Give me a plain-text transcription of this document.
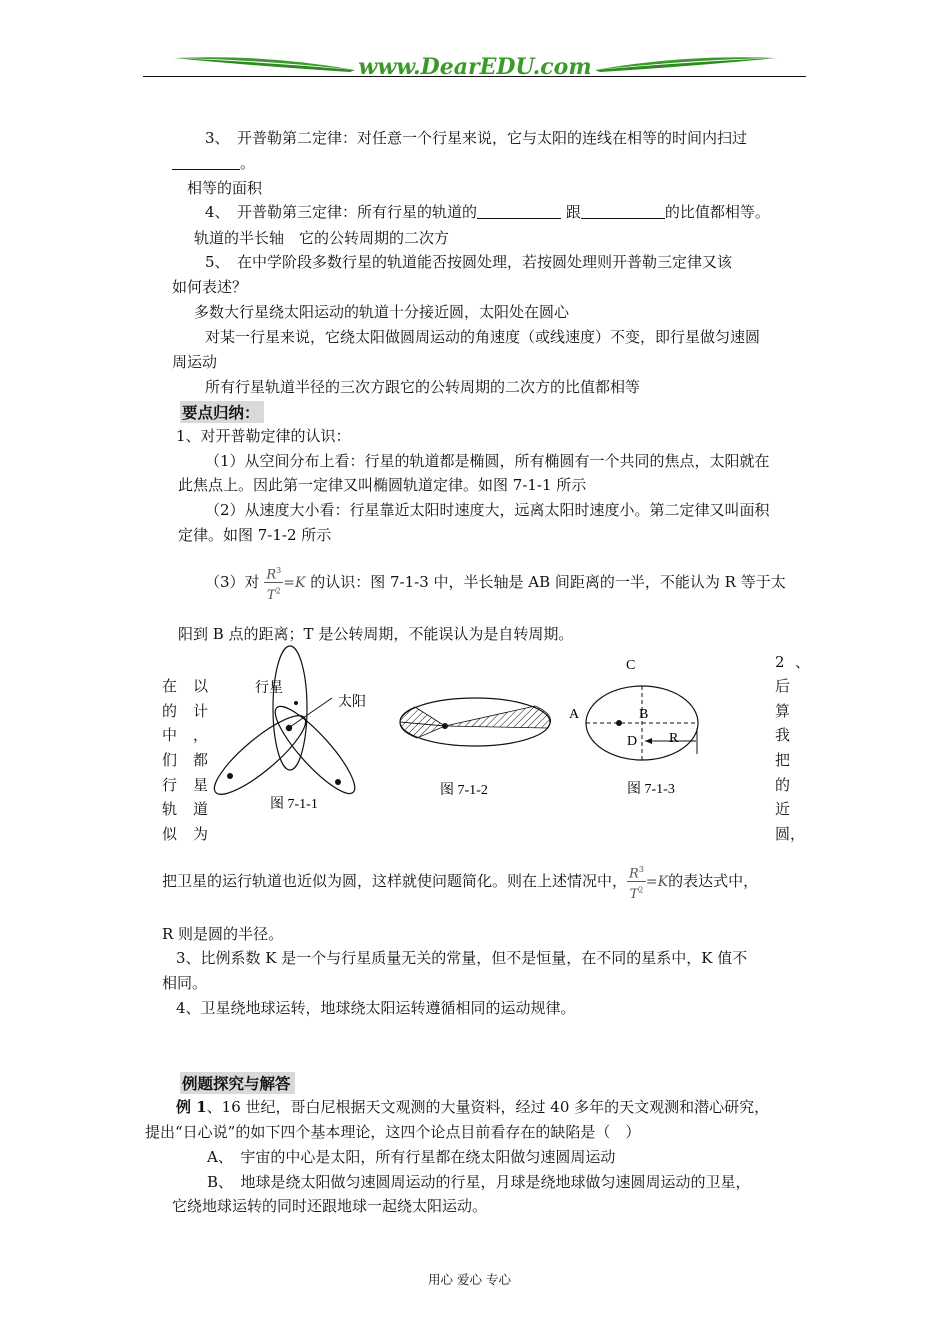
www.DearEDU.com
3、　开普勒第二定律：对任意一个行星来说，它与太阳的连线在相等的时间内扫过
。
相等的面积
4、　开普勒第三定律：所有行星的轨道的	跟	的比值都相等。
轨道的半长轴　它的公转周期的二次方
5、　在中学阶段多数行星的轨道能否按圆处理，若按圆处理则开普勒三定律又该
如何表述？
多数大行星绕太阳运动的轨道十分接近圆，太阳处在圆心
对某一行星来说，它绕太阳做圆周运动的角速度（或线速度）不变，即行星做匀速圆
周运动
所有行星轨道半径的三次方跟它的公转周期的二次方的比值都相等
要点归纳：
1、对开普勒定律的认识：
（1）从空间分布上看：行星的轨道都是椭圆，所有椭圆有一个共同的焦点，太阳就在
此焦点上。因此第一定律又叫椭圆轨道定律。如图 7-1-1 所示
（2）从速度大小看：行星靠近太阳时速度大，远离太阳时速度小。第二定律又叫面积
定律。如图 7-1-2 所示
（3）对 $\frac{R^3}{T^2}=K$ 的认识：图 7-1-3 中，半长轴是 AB 间距离的一半，不能认为 R 等于太
阳到 B 点的距离；T 是公转周期，不能误认为是自转周期。
在
的
中
们
行
轨
似
以
计
，
都
星
道
为
2 、
后
算
我
把
的
近
圆，
行星
太阳
图 7-1-1
图 7-1-2
C
A	B
D R
图 7-1-3
把卫星的运行轨道也近似为圆，这样就使问题简化。则在上述情况中， $\frac{R^3}{T^2}=K$的表达式中，
R 则是圆的半径。
3、比例系数 K 是一个与行星质量无关的常量，但不是恒量，在不同的星系中，K 值不
相同。
4、卫星绕地球运转，地球绕太阳运转遵循相同的运动规律。
例题探究与解答
例 1、16 世纪，哥白尼根据天文观测的大量资料，经过 40 多年的天文观测和潜心研究，
提出“日心说”的如下四个基本理论，这四个论点目前看存在的缺陷是（　）
A、　宇宙的中心是太阳，所有行星都在绕太阳做匀速圆周运动
B、　地球是绕太阳做匀速圆周运动的行星，月球是绕地球做匀速圆周运动的卫星，
它绕地球运转的同时还跟地球一起绕太阳运动。
用心 爱心 专心
